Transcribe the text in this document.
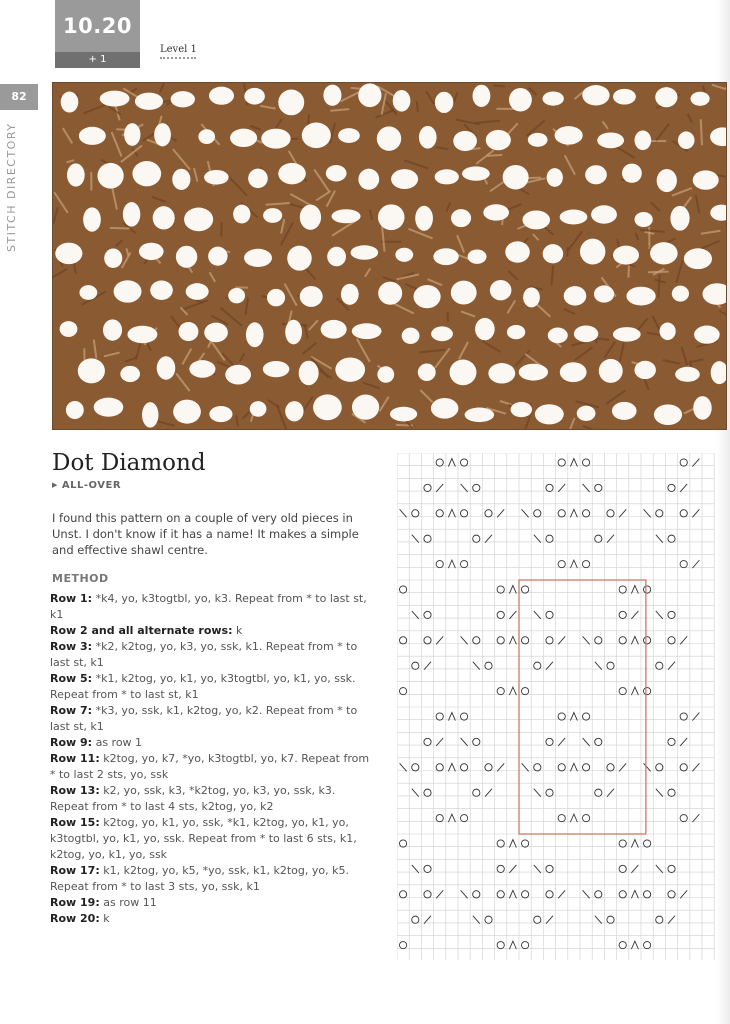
10.20
+ 1
Level 1
82
STITCH DIRECTORY
Dot Diamond
▶ ALL-OVER

I found this pattern on a couple of very old pieces in Unst. I don't know if it has a name! It makes a simple and effective shawl centre.

METHOD

Row 1: *k4, yo, k3togtbl, yo, k3. Repeat from * to last st, k1

Row 2 and all alternate rows: k

Row 3: *k2, k2tog, yo, k3, yo, ssk, k1. Repeat from * to last st, k1

Row 5: *k1, k2tog, yo, k1, yo, k3togtbl, yo, k1, yo, ssk. Repeat from * to last st, k1

Row 7: *k3, yo, ssk, k1, k2tog, yo, k2. Repeat from * to last st, k1

Row 9: as row 1

Row 11: k2tog, yo, k7, *yo, k3togtbl, yo, k7. Repeat from * to last 2 sts, yo, ssk

Row 13: k2, yo, ssk, k3, *k2tog, yo, k3, yo, ssk, k3. Repeat from * to last 4 sts, k2tog, yo, k2

Row 15: k2tog, yo, k1, yo, ssk, *k1, k2tog, yo, k1, yo, k3togtbl, yo, k1, yo, ssk. Repeat from * to last 6 sts, k1, k2tog, yo, k1, yo, ssk

Row 17: k1, k2tog, yo, k5, *yo, ssk, k1, k2tog, yo, k5. Repeat from * to last 3 sts, yo, ssk, k1

Row 19: as row 11

Row 20: k
